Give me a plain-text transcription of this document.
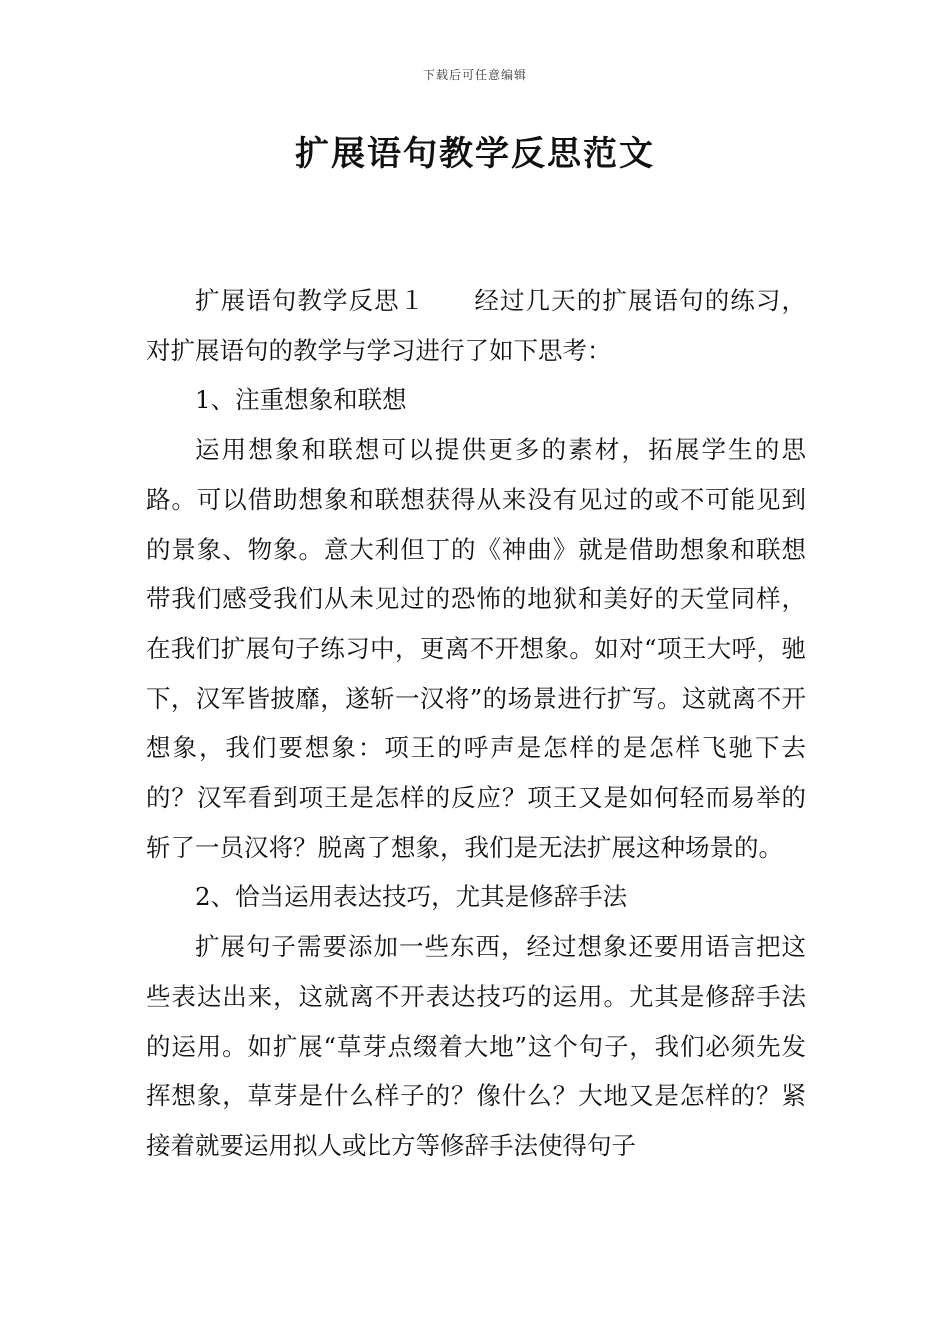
下载后可任意编辑
扩展语句教学反思范文

扩展语句教学反思１ 经过几天的扩展语句的练习，对扩展语句的教学与学习进行了如下思考：

1、注重想象和联想

运用想象和联想可以提供更多的素材，拓展学生的思路。可以借助想象和联想获得从来没有见过的或不可能见到的景象、物象。意大利但丁的《神曲》就是借助想象和联想带我们感受我们从未见过的恐怖的地狱和美好的天堂同样，在我们扩展句子练习中，更离不开想象。如对“项王大呼，驰下，汉军皆披靡，遂斩一汉将”的场景进行扩写。这就离不开想象，我们要想象：项王的呼声是怎样的是怎样飞驰下去的？汉军看到项王是怎样的反应？项王又是如何轻而易举的斩了一员汉将？脱离了想象，我们是无法扩展这种场景的。

2、恰当运用表达技巧，尤其是修辞手法

扩展句子需要添加一些东西，经过想象还要用语言把这些表达出来，这就离不开表达技巧的运用。尤其是修辞手法的运用。如扩展“草芽点缀着大地”这个句子，我们必须先发挥想象，草芽是什么样子的？像什么？大地又是怎样的？紧接着就要运用拟人或比方等修辞手法使得句子
